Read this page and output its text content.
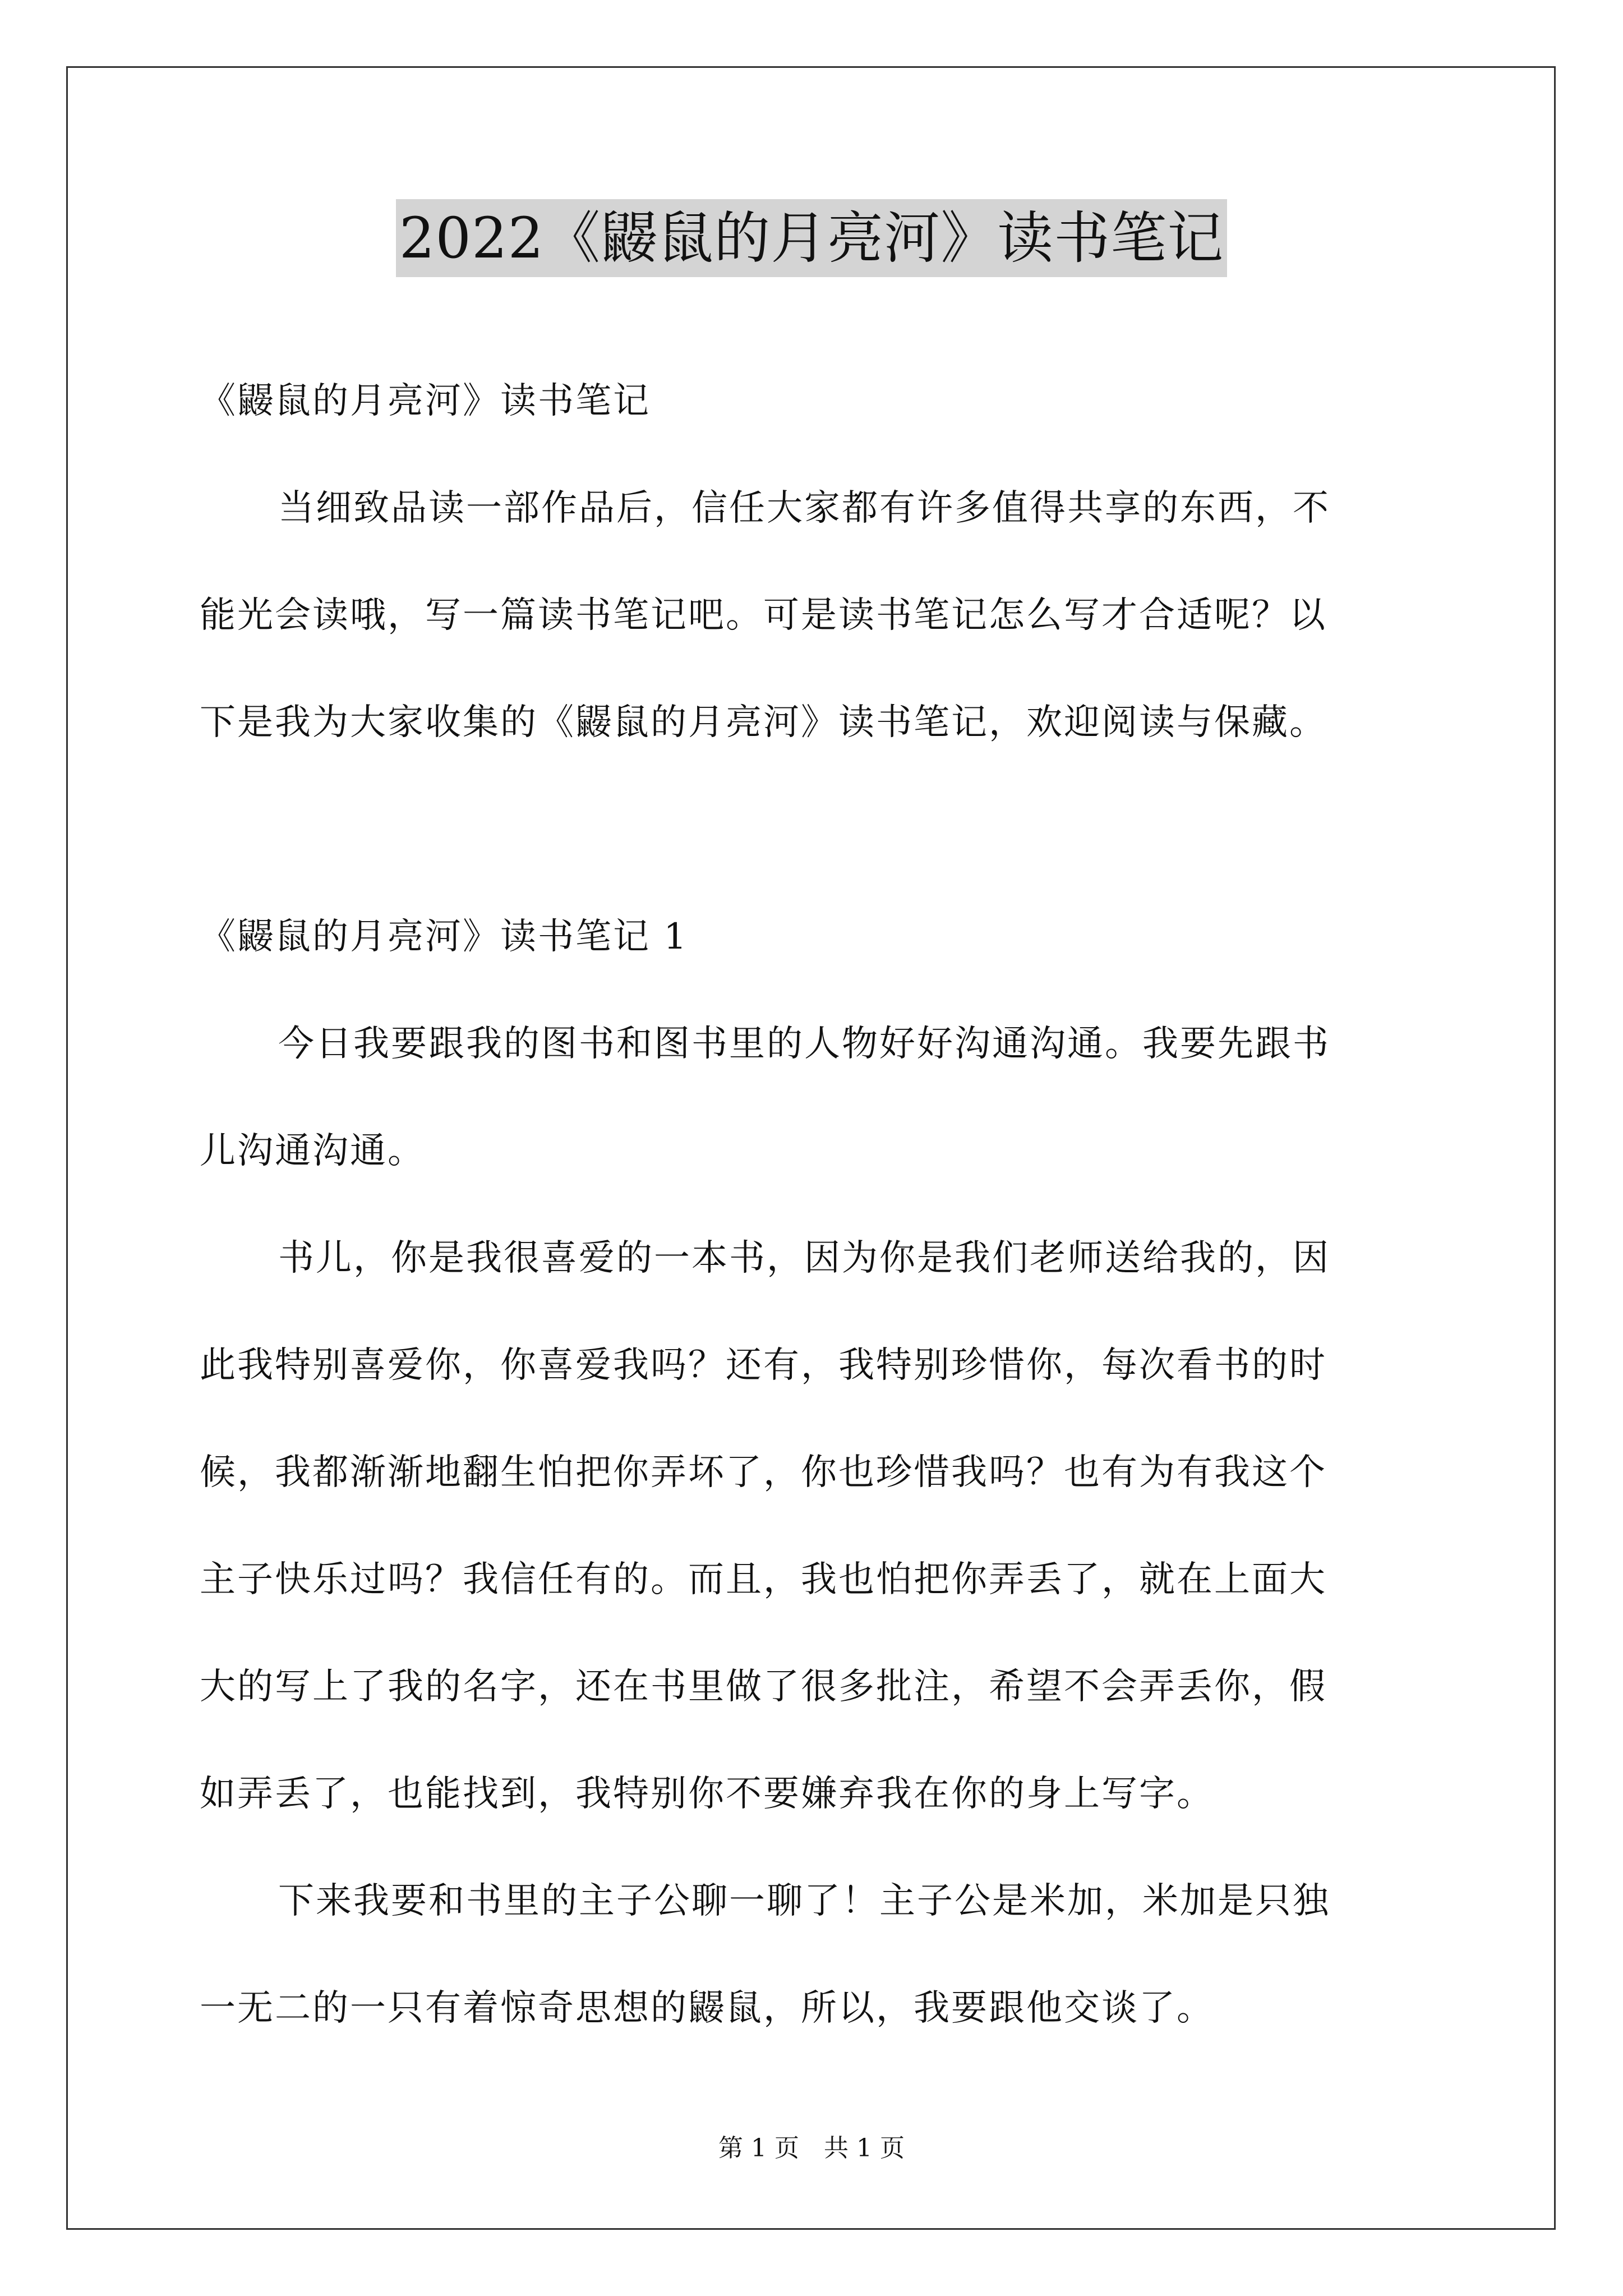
2022《鼹鼠的月亮河》读书笔记
《鼹鼠的月亮河》读书笔记
当细致品读一部作品后，信任大家都有许多值得共享的东西，不
能光会读哦，写一篇读书笔记吧。可是读书笔记怎么写才合适呢？以
下是我为大家收集的《鼹鼠的月亮河》读书笔记，欢迎阅读与保藏。
《鼹鼠的月亮河》读书笔记 1
今日我要跟我的图书和图书里的人物好好沟通沟通。我要先跟书
儿沟通沟通。
书儿，你是我很喜爱的一本书，因为你是我们老师送给我的，因
此我特别喜爱你，你喜爱我吗？还有，我特别珍惜你，每次看书的时
候，我都渐渐地翻生怕把你弄坏了，你也珍惜我吗？也有为有我这个
主子快乐过吗？我信任有的。而且，我也怕把你弄丢了，就在上面大
大的写上了我的名字，还在书里做了很多批注，希望不会弄丢你，假
如弄丢了，也能找到，我特别你不要嫌弃我在你的身上写字。
下来我要和书里的主子公聊一聊了！主子公是米加，米加是只独
一无二的一只有着惊奇思想的鼹鼠，所以，我要跟他交谈了。
第 1 页 共 1 页
